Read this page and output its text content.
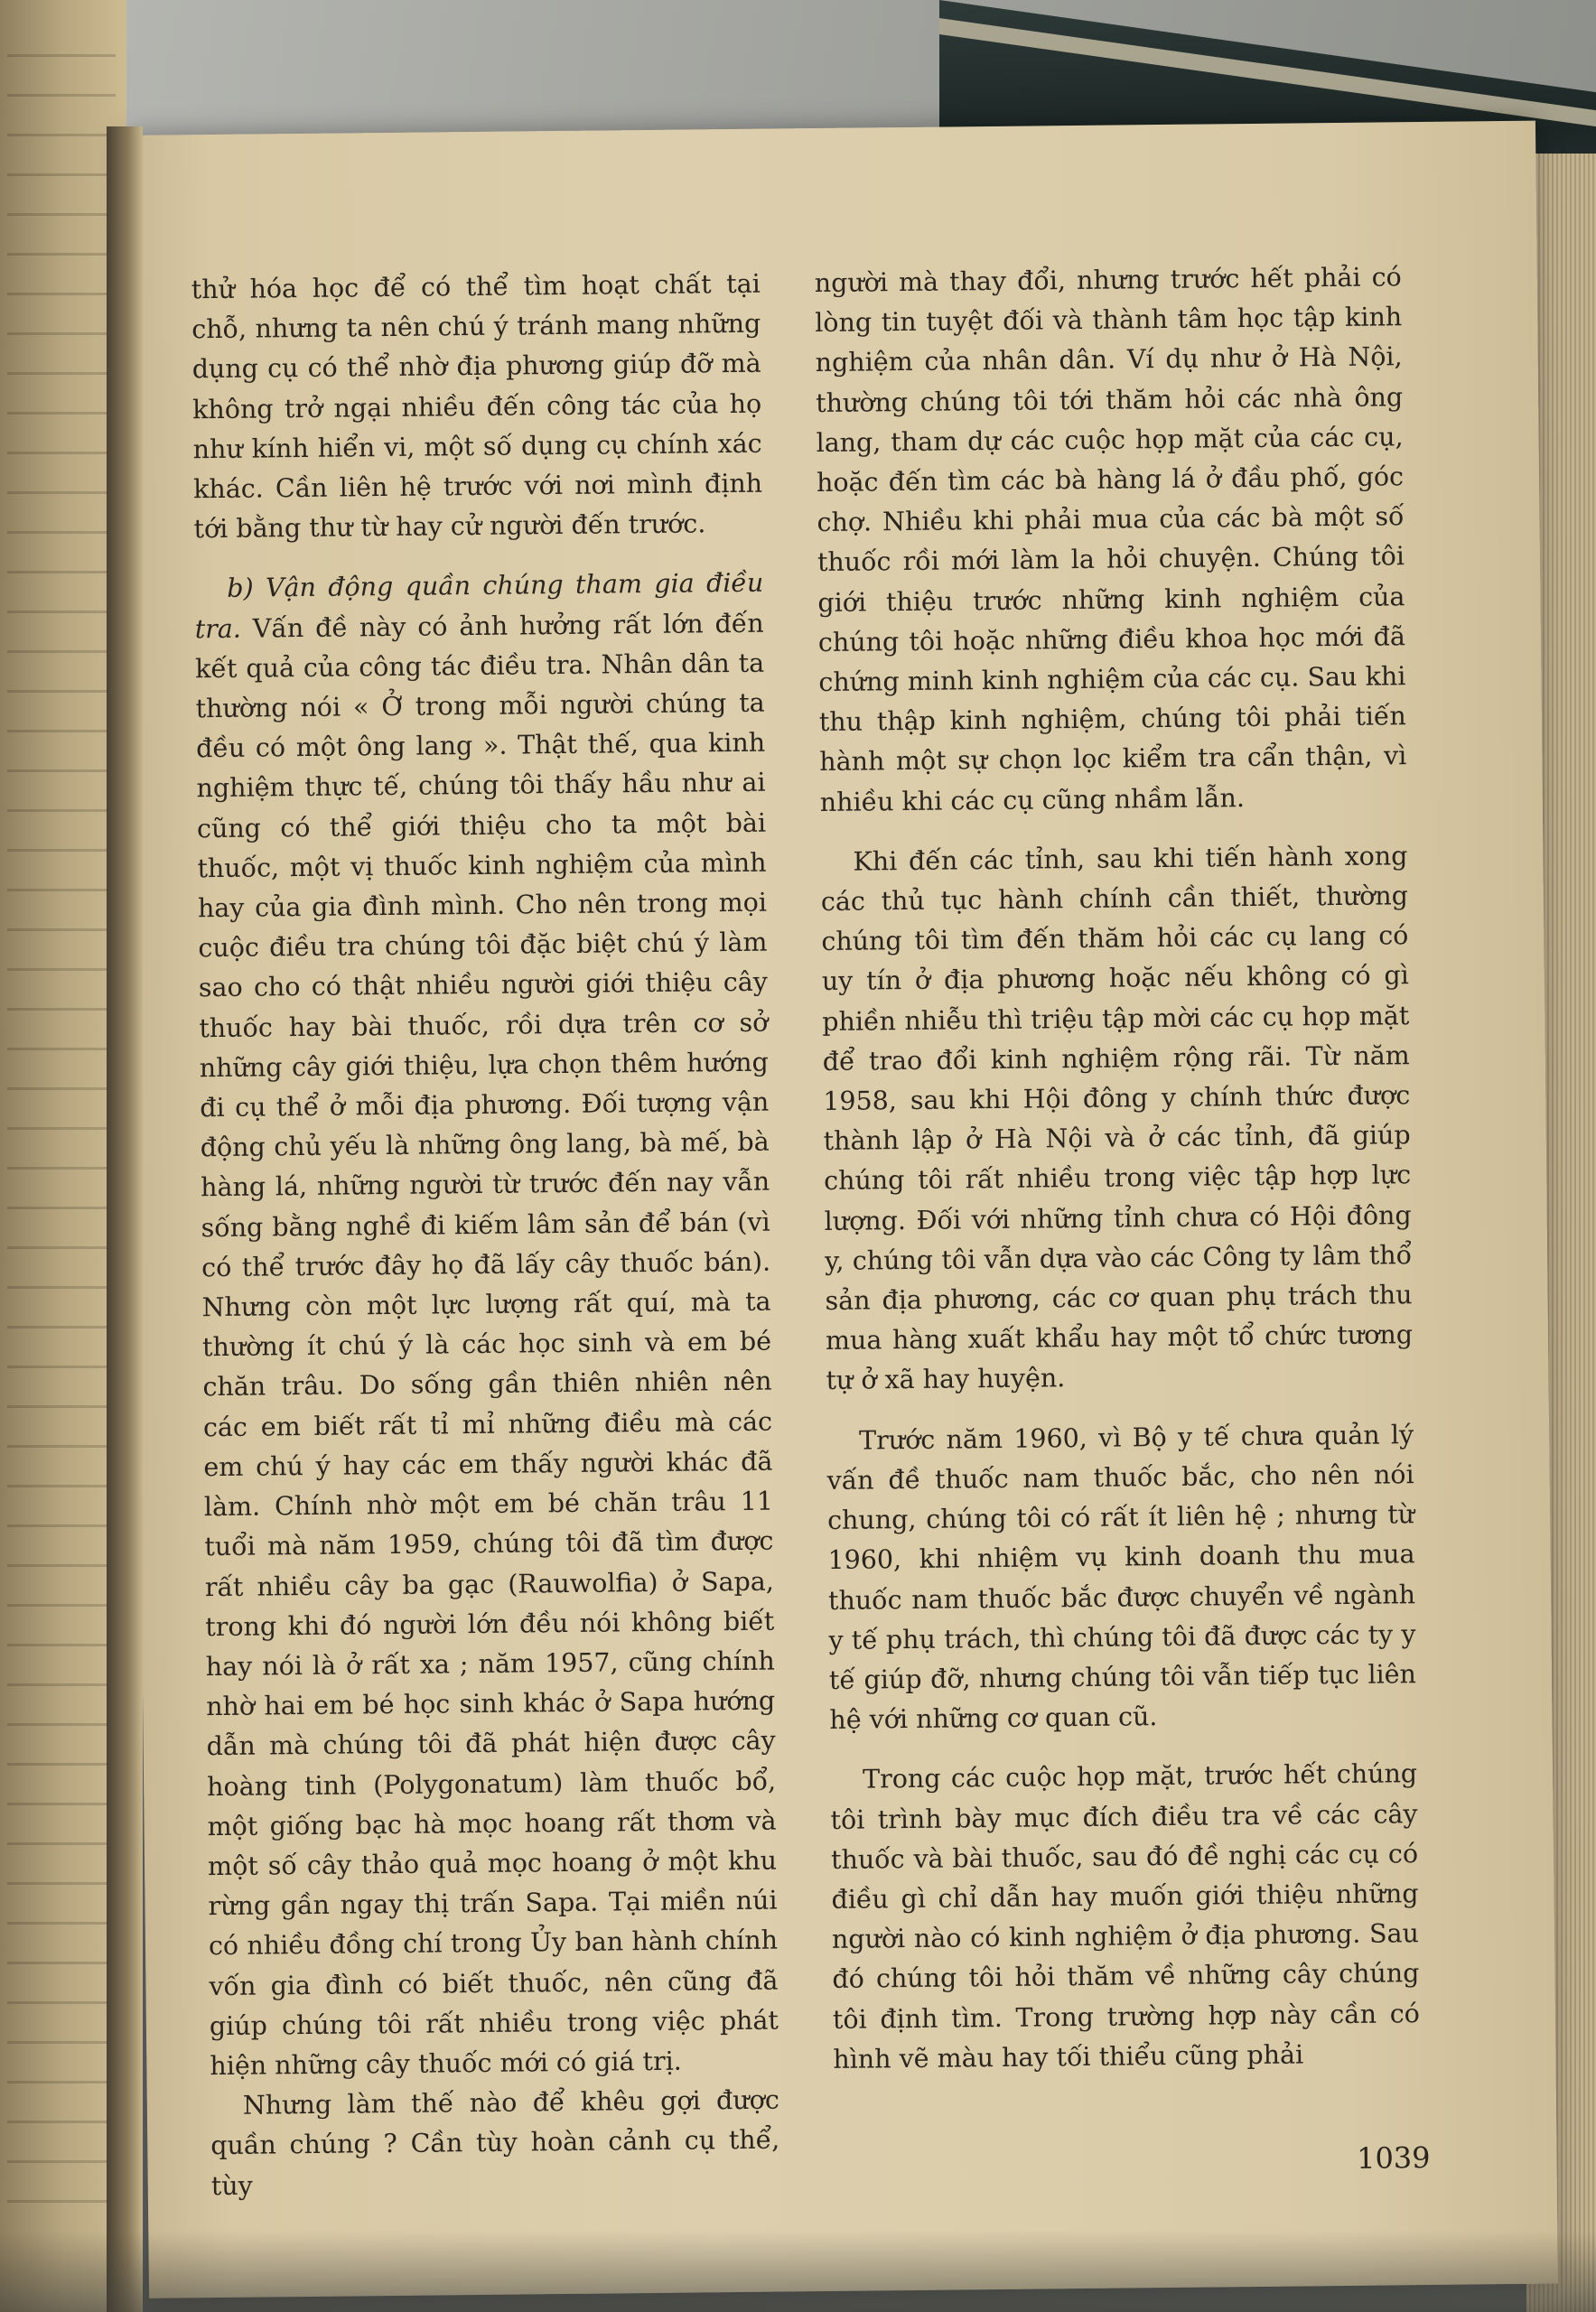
thử hóa học để có thể tìm hoạt chất tại chỗ, nhưng ta nên chú ý tránh mang những dụng cụ có thể nhờ địa phương giúp đỡ mà không trở ngại nhiều đến công tác của họ như kính hiển vi, một số dụng cụ chính xác khác. Cần liên hệ trước với nơi mình định tới bằng thư từ hay cử người đến trước.

b) Vận động quần chúng tham gia điều tra. Vấn đề này có ảnh hưởng rất lớn đến kết quả của công tác điều tra. Nhân dân ta thường nói « Ở trong mỗi người chúng ta đều có một ông lang ». Thật thế, qua kinh nghiệm thực tế, chúng tôi thấy hầu như ai cũng có thể giới thiệu cho ta một bài thuốc, một vị thuốc kinh nghiệm của mình hay của gia đình mình. Cho nên trong mọi cuộc điều tra chúng tôi đặc biệt chú ý làm sao cho có thật nhiều người giới thiệu cây thuốc hay bài thuốc, rồi dựa trên cơ sở những cây giới thiệu, lựa chọn thêm hướng đi cụ thể ở mỗi địa phương. Đối tượng vận động chủ yếu là những ông lang, bà mế, bà hàng lá, những người từ trước đến nay vẫn sống bằng nghề đi kiếm lâm sản để bán (vì có thể trước đây họ đã lấy cây thuốc bán). Nhưng còn một lực lượng rất quí, mà ta thường ít chú ý là các học sinh và em bé chăn trâu. Do sống gần thiên nhiên nên các em biết rất tỉ mỉ những điều mà các em chú ý hay các em thấy người khác đã làm. Chính nhờ một em bé chăn trâu 11 tuổi mà năm 1959, chúng tôi đã tìm được rất nhiều cây ba gạc (Rauwolfia) ở Sapa, trong khi đó người lớn đều nói không biết hay nói là ở rất xa ; năm 1957, cũng chính nhờ hai em bé học sinh khác ở Sapa hướng dẫn mà chúng tôi đã phát hiện được cây hoàng tinh (Polygonatum) làm thuốc bổ, một giống bạc hà mọc hoang rất thơm và một số cây thảo quả mọc hoang ở một khu rừng gần ngay thị trấn Sapa. Tại miền núi có nhiều đồng chí trong Ủy ban hành chính vốn gia đình có biết thuốc, nên cũng đã giúp chúng tôi rất nhiều trong việc phát hiện những cây thuốc mới có giá trị.

Nhưng làm thế nào để khêu gợi được quần chúng ? Cần tùy hoàn cảnh cụ thể, tùy

người mà thay đổi, nhưng trước hết phải có lòng tin tuyệt đối và thành tâm học tập kinh nghiệm của nhân dân. Ví dụ như ở Hà Nội, thường chúng tôi tới thăm hỏi các nhà ông lang, tham dự các cuộc họp mặt của các cụ, hoặc đến tìm các bà hàng lá ở đầu phố, góc chợ. Nhiều khi phải mua của các bà một số thuốc rồi mới làm la hỏi chuyện. Chúng tôi giới thiệu trước những kinh nghiệm của chúng tôi hoặc những điều khoa học mới đã chứng minh kinh nghiệm của các cụ. Sau khi thu thập kinh nghiệm, chúng tôi phải tiến hành một sự chọn lọc kiểm tra cẩn thận, vì nhiều khi các cụ cũng nhầm lẫn.

Khi đến các tỉnh, sau khi tiến hành xong các thủ tục hành chính cần thiết, thường chúng tôi tìm đến thăm hỏi các cụ lang có uy tín ở địa phương hoặc nếu không có gì phiền nhiễu thì triệu tập mời các cụ họp mặt để trao đổi kinh nghiệm rộng rãi. Từ năm 1958, sau khi Hội đông y chính thức được thành lập ở Hà Nội và ở các tỉnh, đã giúp chúng tôi rất nhiều trong việc tập hợp lực lượng. Đối với những tỉnh chưa có Hội đông y, chúng tôi vẫn dựa vào các Công ty lâm thổ sản địa phương, các cơ quan phụ trách thu mua hàng xuất khẩu hay một tổ chức tương tự ở xã hay huyện.

Trước năm 1960, vì Bộ y tế chưa quản lý vấn đề thuốc nam thuốc bắc, cho nên nói chung, chúng tôi có rất ít liên hệ ; nhưng từ 1960, khi nhiệm vụ kinh doanh thu mua thuốc nam thuốc bắc được chuyển về ngành y tế phụ trách, thì chúng tôi đã được các ty y tế giúp đỡ, nhưng chúng tôi vẫn tiếp tục liên hệ với những cơ quan cũ.

Trong các cuộc họp mặt, trước hết chúng tôi trình bày mục đích điều tra về các cây thuốc và bài thuốc, sau đó đề nghị các cụ có điều gì chỉ dẫn hay muốn giới thiệu những người nào có kinh nghiệm ở địa phương. Sau đó chúng tôi hỏi thăm về những cây chúng tôi định tìm. Trong trường hợp này cần có hình vẽ màu hay tối thiểu cũng phải

1039
